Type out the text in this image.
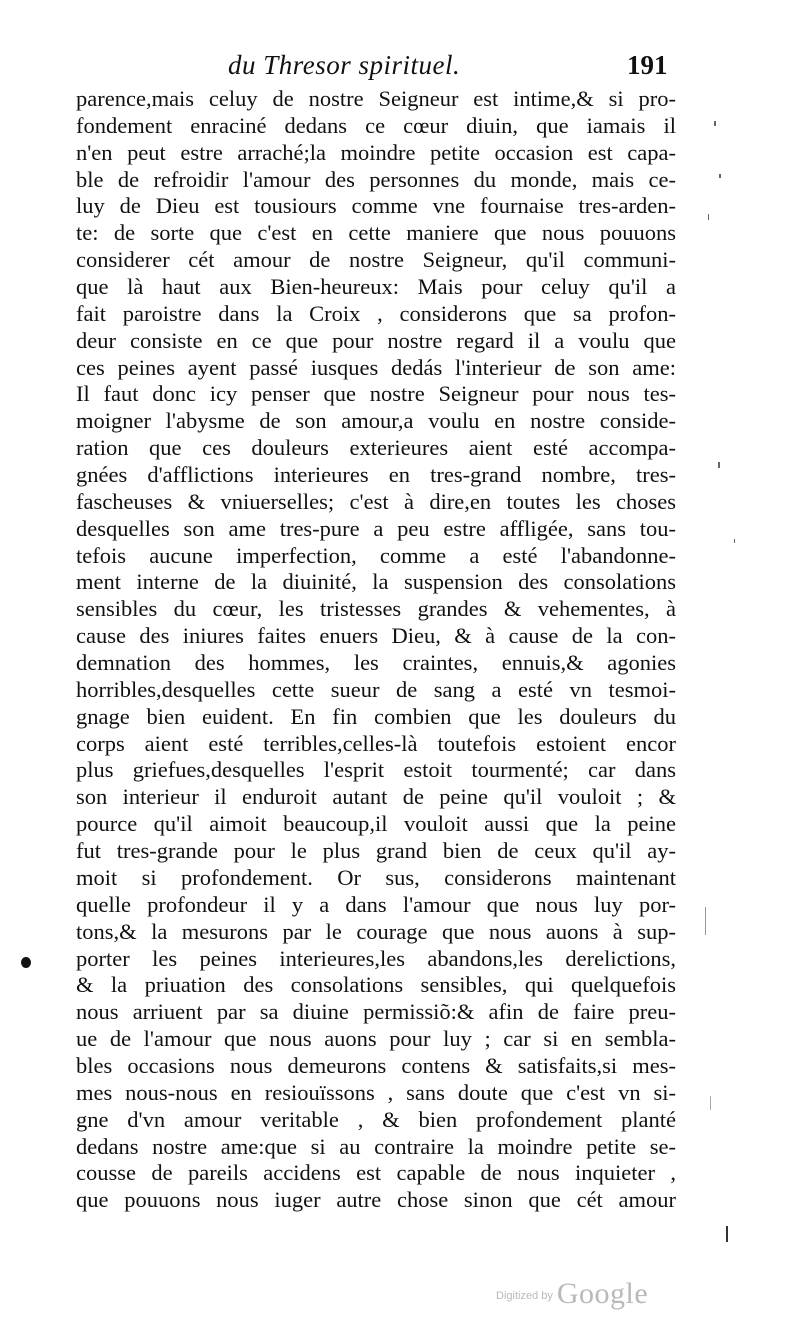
du Thresor spirituel.	191
parence,mais celuy de nostre Seigneur est intime,& si pro-
fondement enraciné dedans ce cœur diuin, que iamais il
n'en peut estre arraché;la moindre petite occasion est capa-
ble de refroidir l'amour des personnes du monde, mais ce-
luy de Dieu est tousiours comme vne fournaise tres-arden-
te: de sorte que c'est en cette maniere que nous pouuons
considerer cét amour de nostre Seigneur, qu'il communi-
que là haut aux Bien-heureux: Mais pour celuy qu'il a
fait paroistre dans la Croix , considerons que sa profon-
deur consiste en ce que pour nostre regard il a voulu que
ces peines ayent passé iusques dedás l'interieur de son ame:
Il faut donc icy penser que nostre Seigneur pour nous tes-
moigner l'abysme de son amour,a voulu en nostre conside-
ration que ces douleurs exterieures aient esté accompa-
gnées d'afflictions interieures en tres-grand nombre, tres-
fascheuses & vniuerselles; c'est à dire,en toutes les choses
desquelles son ame tres-pure a peu estre affligée, sans tou-
tefois aucune imperfection, comme a esté l'abandonne-
ment interne de la diuinité, la suspension des consolations
sensibles du cœur, les tristesses grandes & vehementes, à
cause des iniures faites enuers Dieu, & à cause de la con-
demnation des hommes, les craintes, ennuis,& agonies
horribles,desquelles cette sueur de sang a esté vn tesmoi-
gnage bien euident. En fin combien que les douleurs du
corps aient esté terribles,celles-là toutefois estoient encor
plus griefues,desquelles l'esprit estoit tourmenté; car dans
son interieur il enduroit autant de peine qu'il vouloit ; &
pource qu'il aimoit beaucoup,il vouloit aussi que la peine
fut tres-grande pour le plus grand bien de ceux qu'il ay-
moit si profondement. Or sus, considerons maintenant
quelle profondeur il y a dans l'amour que nous luy por-
tons,& la mesurons par le courage que nous auons à sup-
porter les peines interieures,les abandons,les derelictions,
& la priuation des consolations sensibles, qui quelquefois
nous arriuent par sa diuine permissiõ:& afin de faire preu-
ue de l'amour que nous auons pour luy ; car si en sembla-
bles occasions nous demeurons contens & satisfaits,si mes-
mes nous-nous en resiouïssons , sans doute que c'est vn si-
gne d'vn amour veritable , & bien profondement planté
dedans nostre ame:que si au contraire la moindre petite se-
cousse de pareils accidens est capable de nous inquieter ,
que pouuons nous iuger autre chose sinon que cét amour
$^{Digitized by}$ Google
